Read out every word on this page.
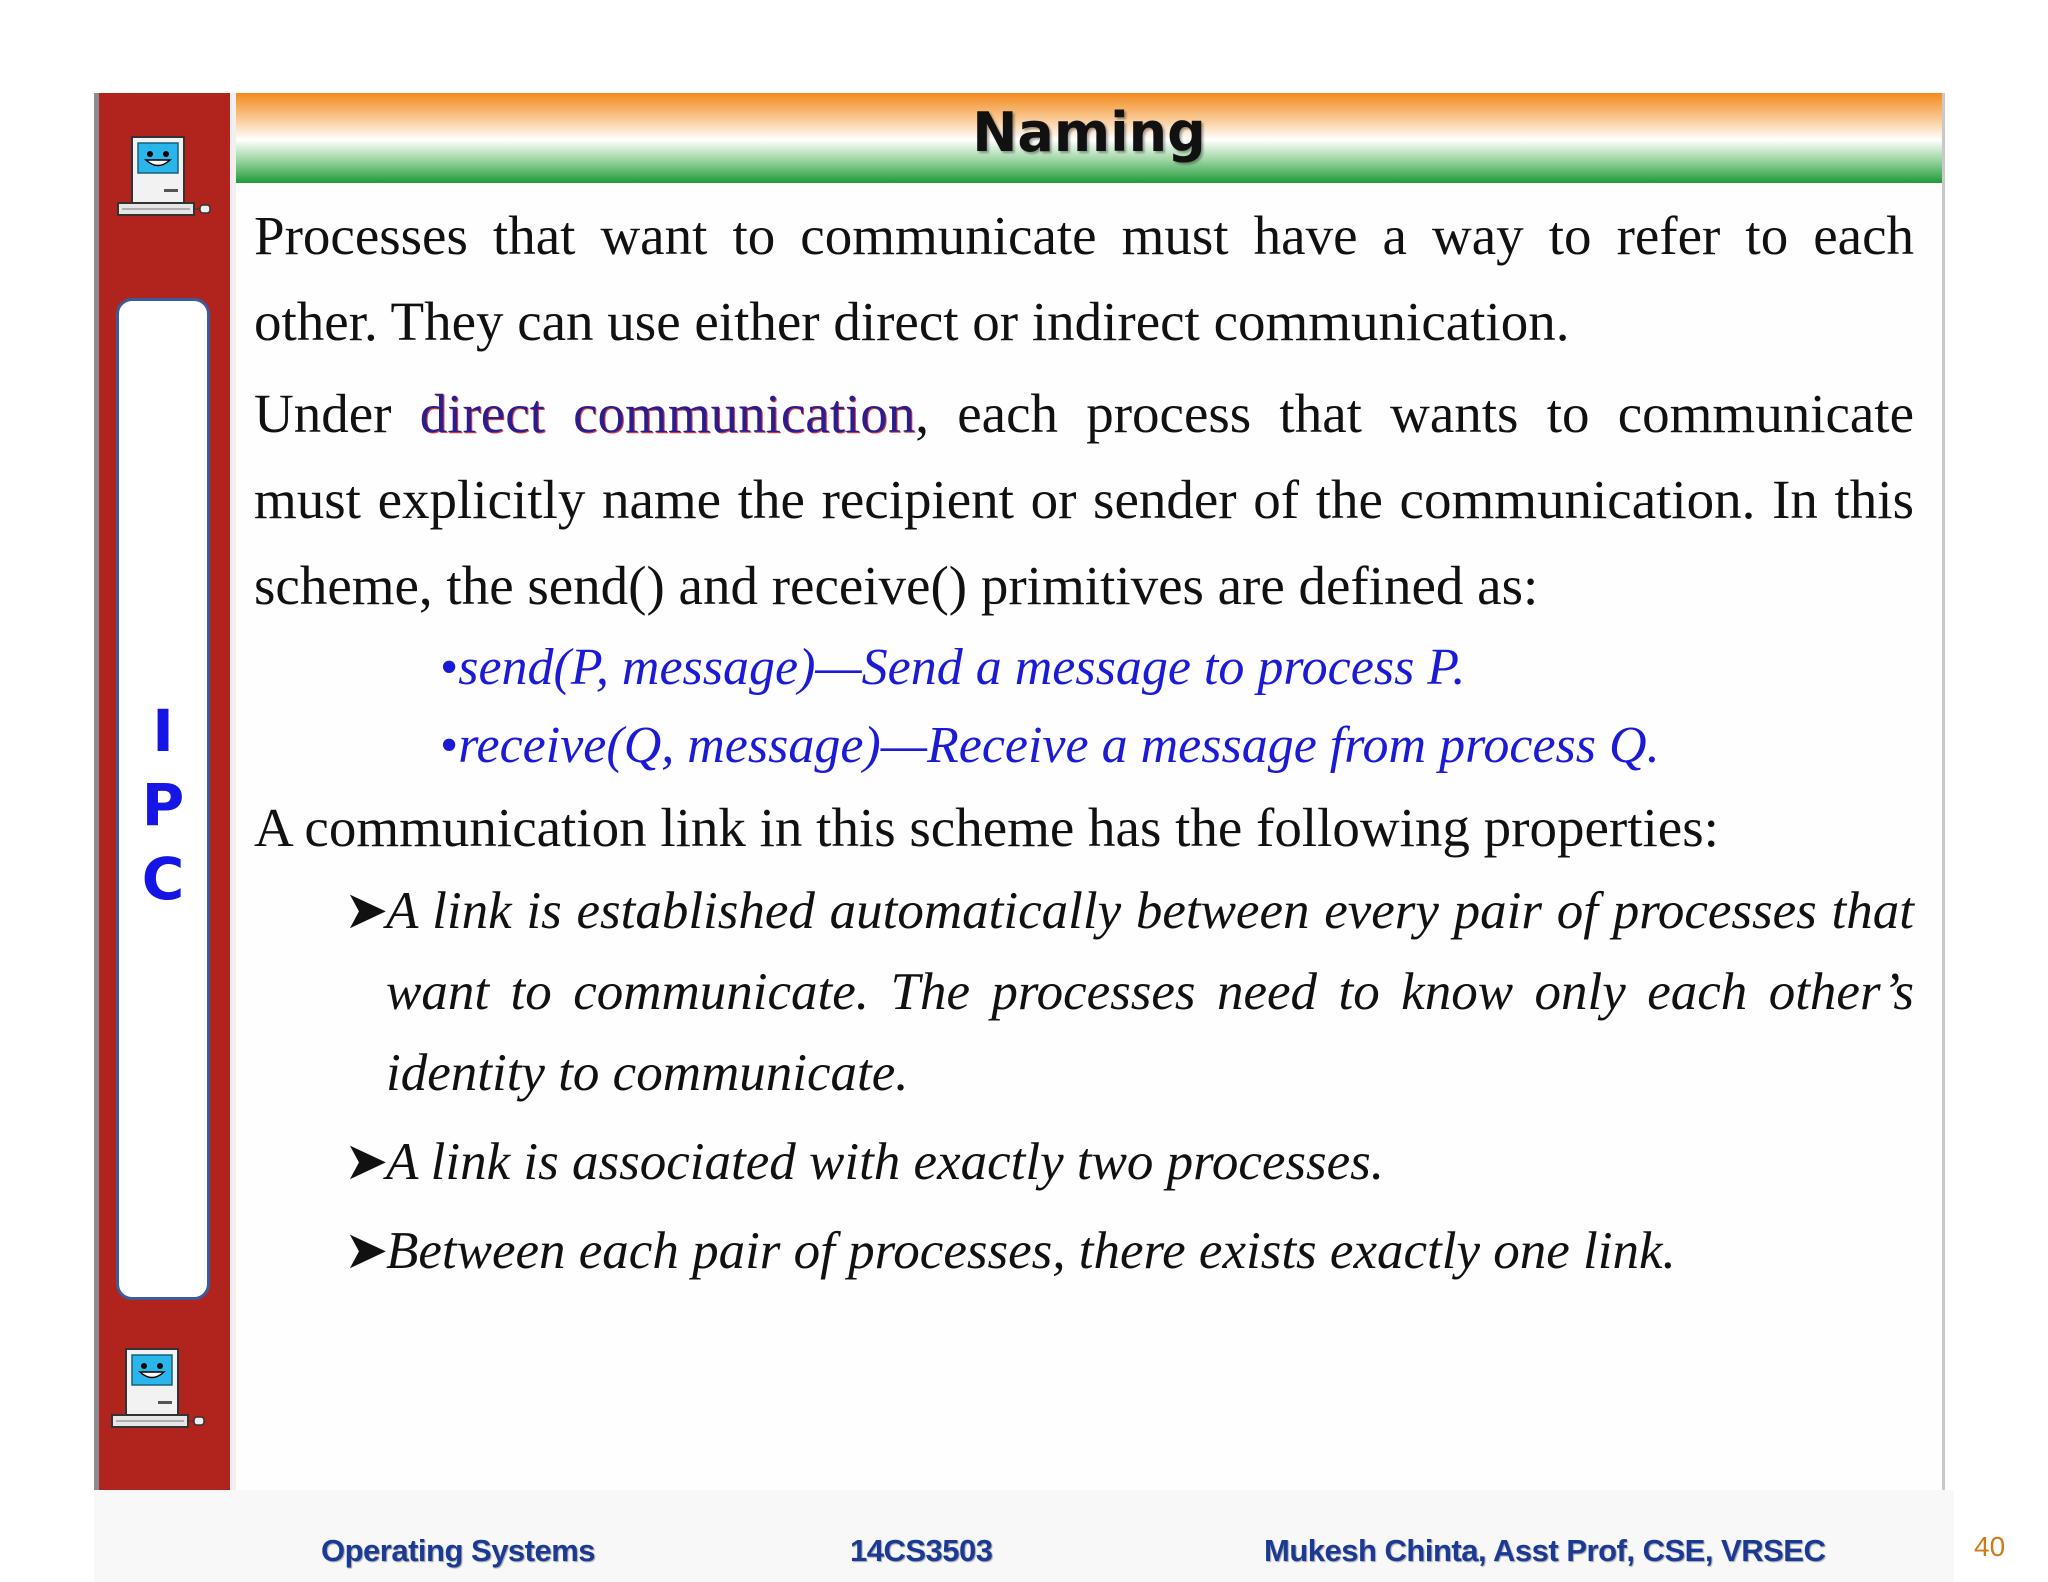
I
P
C
Naming

Processes that want to communicate must have a way to refer to each other. They can use either direct or indirect communication.

Under direct communication, each process that wants to communicate must explicitly name the recipient or sender of the communication. In this scheme, the send() and receive() primitives are defined as:

• send(P, message)—Send a message to process P.
• receive(Q, message)—Receive a message from process Q.

A communication link in this scheme has the following properties:

➤
A link is established automatically between every pair of processes that want to communicate. The processes need to know only each other’s identity to communicate.
➤
A link is associated with exactly two processes.
➤
Between each pair of processes, there exists exactly one link.
Operating Systems	14CS3503	Mukesh Chinta, Asst Prof, CSE, VRSEC	40
